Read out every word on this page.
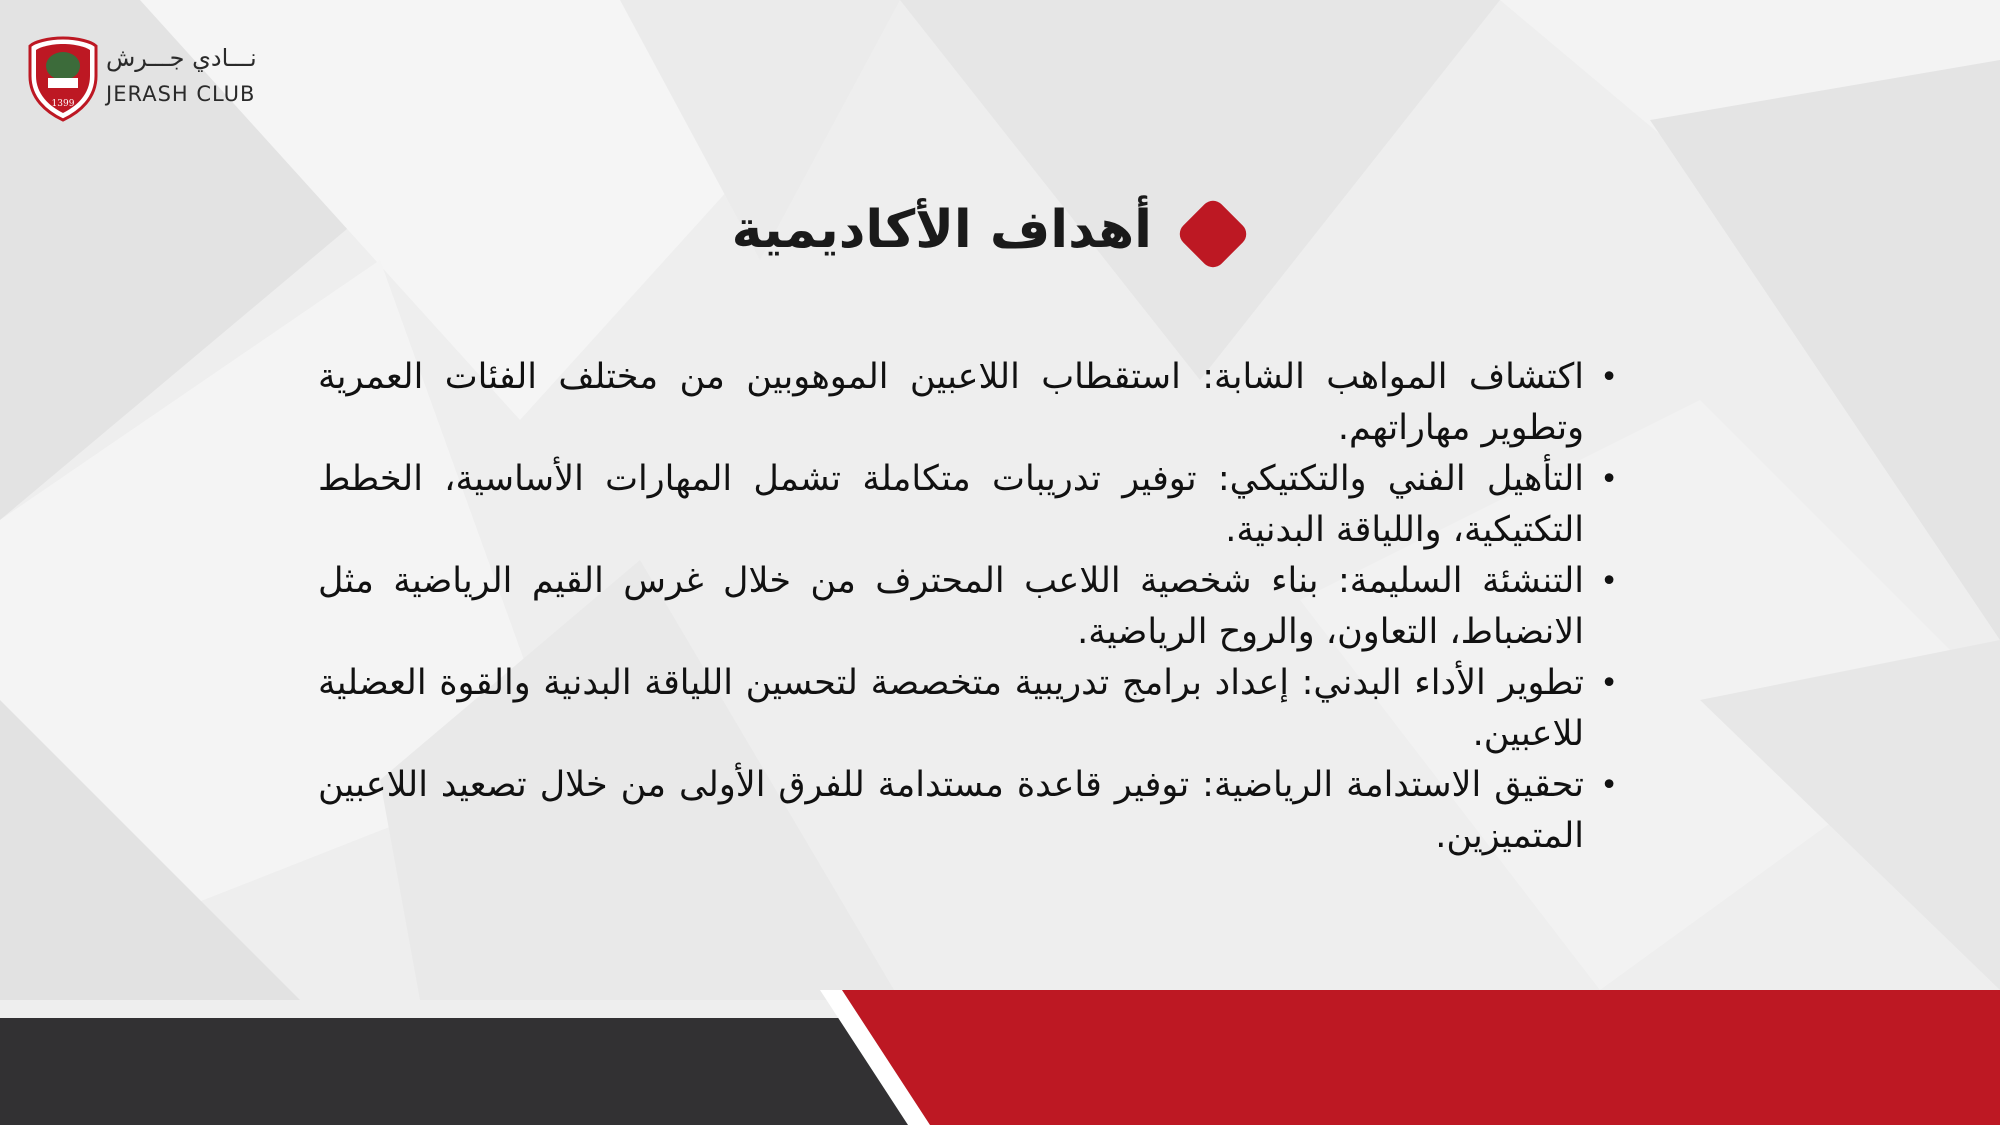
1399
نـــادي جـــرش
JERASH CLUB
أهداف الأكاديمية
•
اكتشاف المواهب الشابة: استقطاب اللاعبين الموهوبين من مختلف الفئات العمرية وتطوير مهاراتهم.
•
التأهيل الفني والتكتيكي: توفير تدريبات متكاملة تشمل المهارات الأساسية، الخطط التكتيكية، واللياقة البدنية.
•
التنشئة السليمة: بناء شخصية اللاعب المحترف من خلال غرس القيم الرياضية مثل الانضباط، التعاون، والروح الرياضية.
•
تطوير الأداء البدني: إعداد برامج تدريبية متخصصة لتحسين اللياقة البدنية والقوة العضلية للاعبين.
•
تحقيق الاستدامة الرياضية: توفير قاعدة مستدامة للفرق الأولى من خلال تصعيد اللاعبين المتميزين.
